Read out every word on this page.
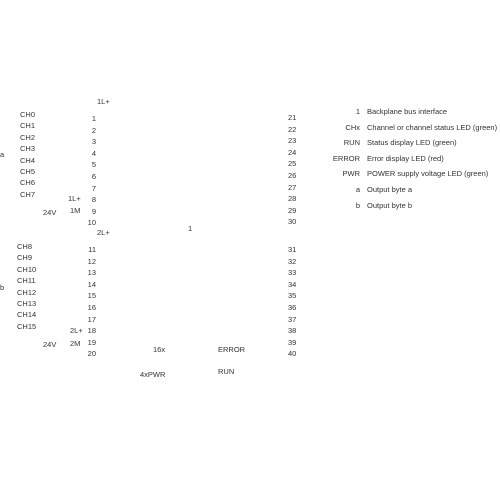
1L+
2L+	1
a
b
CH0
CH1
CH2
CH3
CH4
CH5
CH6
CH7
1
2
3
4
5
6
7
8
9
10
21
22
23
24
25
26
27
28
29
30
1L+
1M
24V
CH8
CH9
CH10
CH11
CH12
CH13
CH14
CH15
11
12
13
14
15
16
17
18
19
20
31
32
33
34
35
36
37
38
39
40
2L+
2M
24V
16x	ERROR
4xPWR	RUN
1 Backplane bus interface
CHx Channel or channel status LED (green)
RUN Status display LED (green)
ERROR Error display LED (red)
PWR POWER supply voltage LED (green)
a Output byte a
b Output byte b
